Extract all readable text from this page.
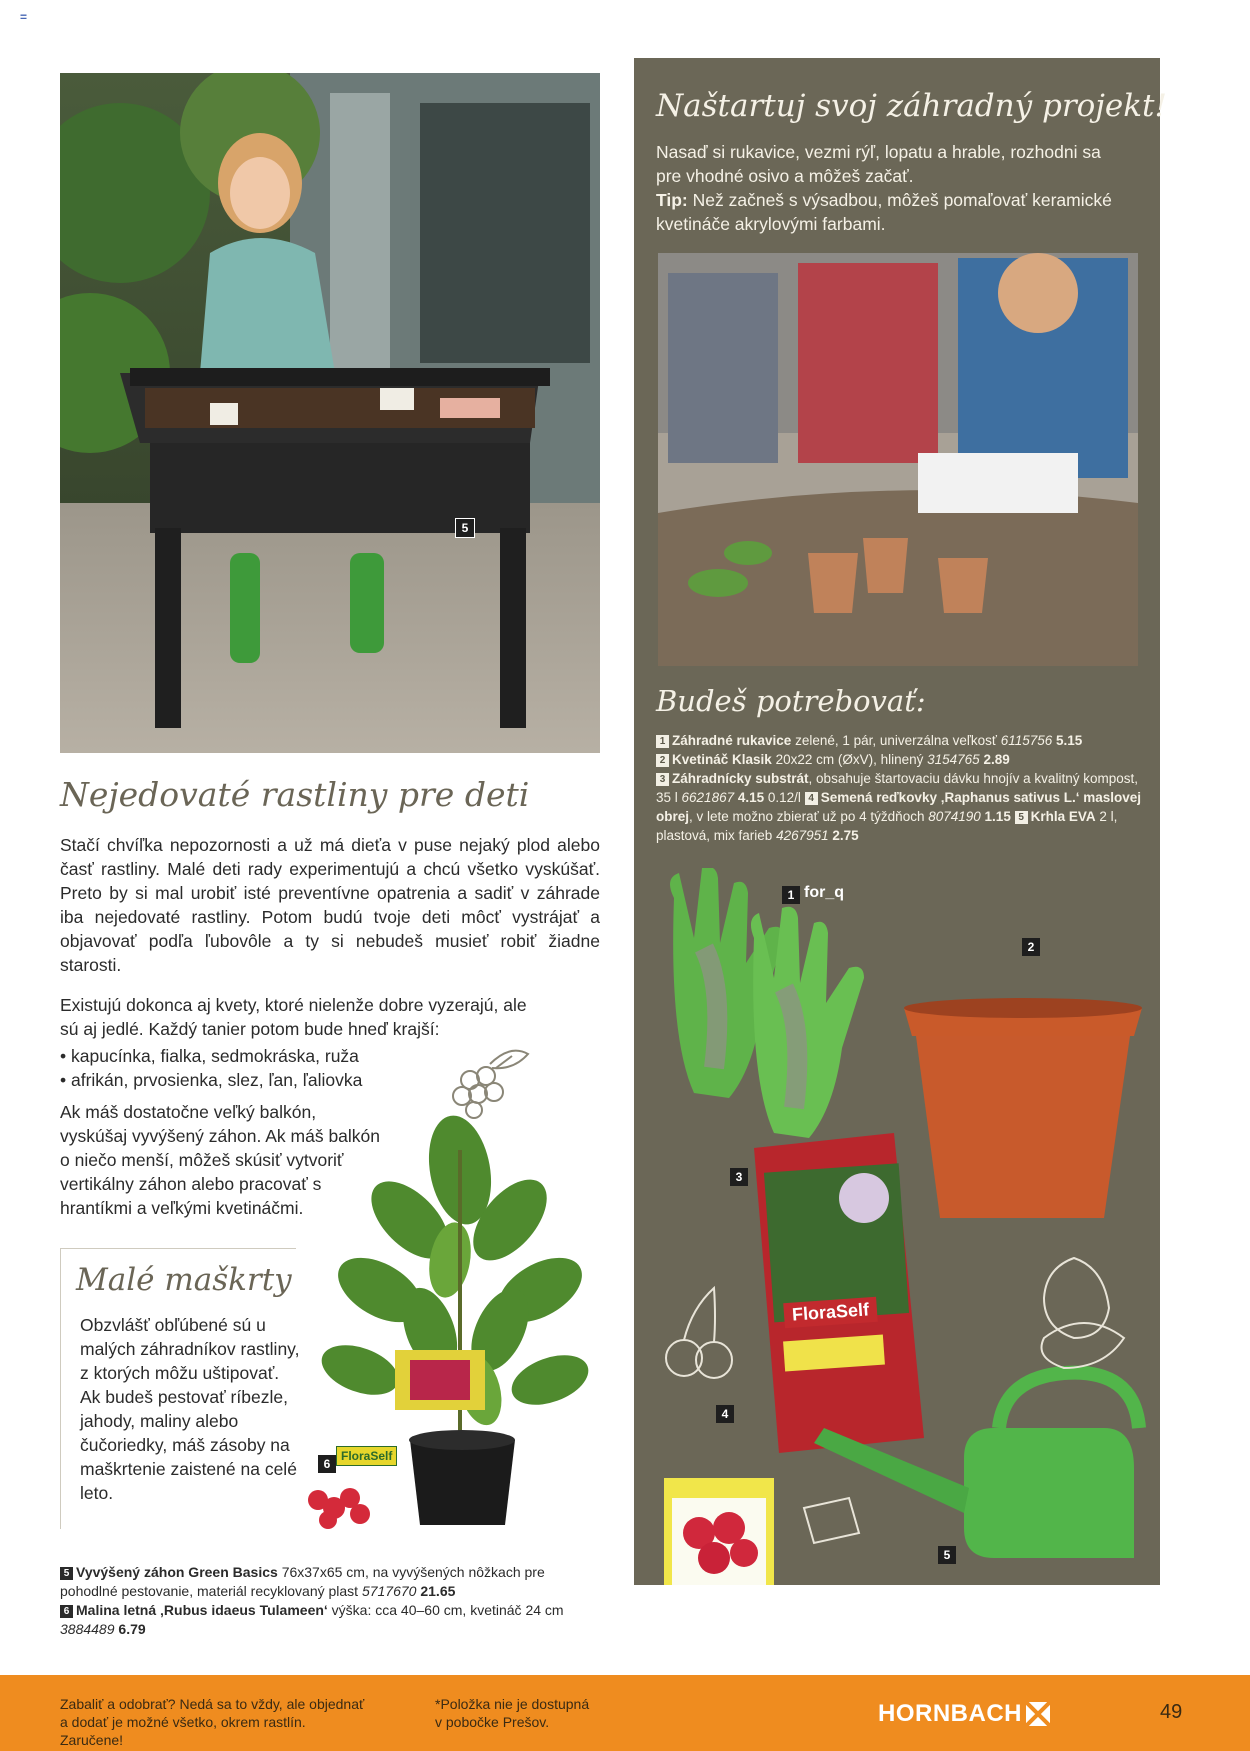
=
5
Nejedovaté rastliny pre deti
Stačí chvíľka nepozornosti a už má dieťa v puse nejaký plod alebo časť rastliny. Malé deti rady experimentujú a chcú všetko vyskúšať. Preto by si mal urobiť isté preventívne opatrenia a sadiť v záhrade iba nejedovaté rastliny. Potom budú tvoje deti môcť vystrájať a objavovať podľa ľubovôle a ty si nebudeš musieť robiť žiadne starosti.
Existujú dokonca aj kvety, ktoré nielenže dobre vyzerajú, ale sú aj jedlé. Každý tanier potom bude hneď krajší:
• kapucínka, fialka, sedmokráska, ruža
• afrikán, prvosienka, slez, ľan, ľaliovka
Ak máš dostatočne veľký balkón, vyskúšaj vyvýšený záhon. Ak máš balkón o niečo menší, môžeš skúsiť vytvoriť vertikálny záhon alebo pracovať s hrantíkmi a veľkými kvetináčmi.
FloraSelf
6
Malé maškrty
Obzvlášť obľúbené sú u malých záhradníkov rastliny, z ktorých môžu uštipovať. Ak budeš pestovať ríbezle, jahody, maliny alebo čučoriedky, máš zásoby na maškrtenie zaistené na celé leto.
5 Vyvýšený záhon Green Basics 76x37x65 cm, na vyvýšených nôžkach pre pohodlné pestovanie, materiál recyklovaný plast 5717670 21.65
6 Malina letná ‚Rubus idaeus Tulameen‘ výška: cca 40–60 cm, kvetináč 24 cm 3884489 6.79
Naštartuj svoj záhradný projekt!
Nasaď si rukavice, vezmi rýľ, lopatu a hrable, rozhodni sa pre vhodné osivo a môžeš začať.
Tip: Než začneš s výsadbou, môžeš pomaľovať keramické kvetináče akrylovými farbami.
Budeš potrebovať:
1 Záhradné rukavice zelené, 1 pár, univerzálna veľkosť 6115756 5.15
2 Kvetináč Klasik 20x22 cm (ØxV), hlinený 3154765 2.89
3 Záhradnícky substrát, obsahuje štartovaciu dávku hnojív a kvalitný kompost, 35 l 6621867 4.15 0.12/l 4 Semená reďkovky ‚Raphanus sativus L.‘ maslovej obrej, v lete možno zbierať už po 4 týždňoch 8074190 1.15 5 Krhla EVA 2 l, plastová, mix farieb 4267951 2.75
1 for_q
2
3
FloraSelf
4
5
Zabaliť a odobrať? Nedá sa to vždy, ale objednať a dodať je možné všetko, okrem rastlín. Zaručene!
*Položka nie je dostupná v pobočke Prešov.	HORNBACH	49
